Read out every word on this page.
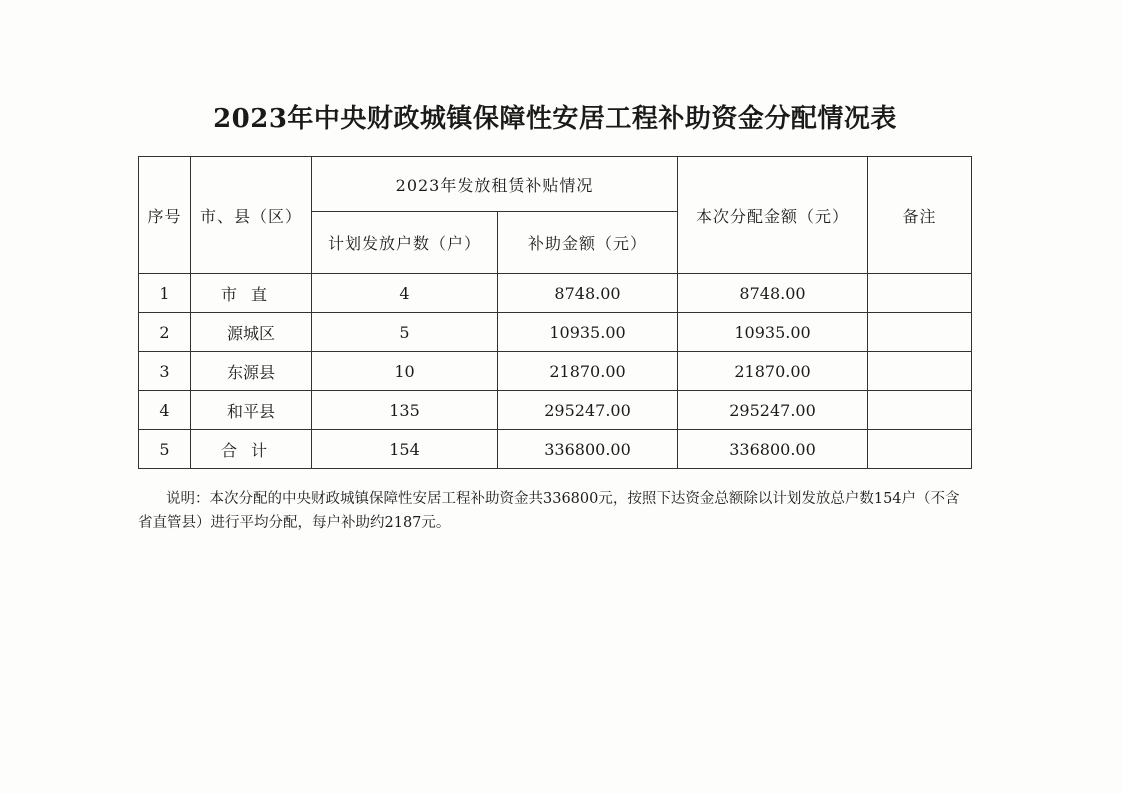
2023年中央财政城镇保障性安居工程补助资金分配情况表
序号	市、县（区）	2023年发放租赁补贴情况		本次分配金额（元）	备注
		计划发放户数（户）	补助金额（元）		
1	市直	4	8748.00	8748.00	
2	源城区	5	10935.00	10935.00	
3	东源县	10	21870.00	21870.00	
4	和平县	135	295247.00	295247.00	
5	合计	154	336800.00	336800.00	
说明：本次分配的中央财政城镇保障性安居工程补助资金共336800元，按照下达资金总额除以计划发放总户数154户（不含省直管县）进行平均分配，每户补助约2187元。
